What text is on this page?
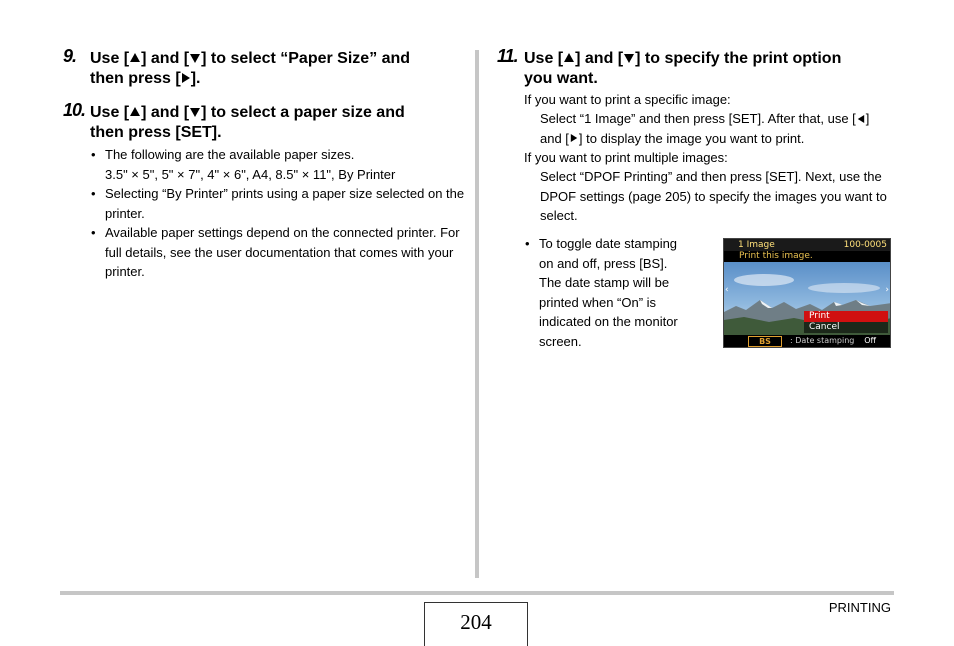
9. Use [ ] and [ ] to select “Paper Size” and
then press [ ].
10. Use [ ] and [ ] to select a paper size and
then press [SET].
• The following are the available paper sizes.
3.5" × 5", 5" × 7", 4" × 6", A4, 8.5" × 11", By Printer
• Selecting “By Printer” prints using a paper size selected on the printer.
• Available paper settings depend on the connected printer. For full details, see the user documentation that comes with your printer.
11. Use [ ] and [ ] to specify the print option
you want.
If you want to print a specific image:
Select “1 Image” and then press [SET]. After that, use [ ]
and [ ] to display the image you want to print.
If you want to print multiple images:
Select “DPOF Printing” and then press [SET]. Next, use the DPOF settings (page 205) to specify the images you want to select.
• To toggle date stamping
on and off, press [BS].
The date stamp will be
printed when “On” is
indicated on the monitor
screen.
1 Image	100-0005
Print this image.
‹	›
Print
Cancel
BS	: Date stamping Off
204
PRINTING
